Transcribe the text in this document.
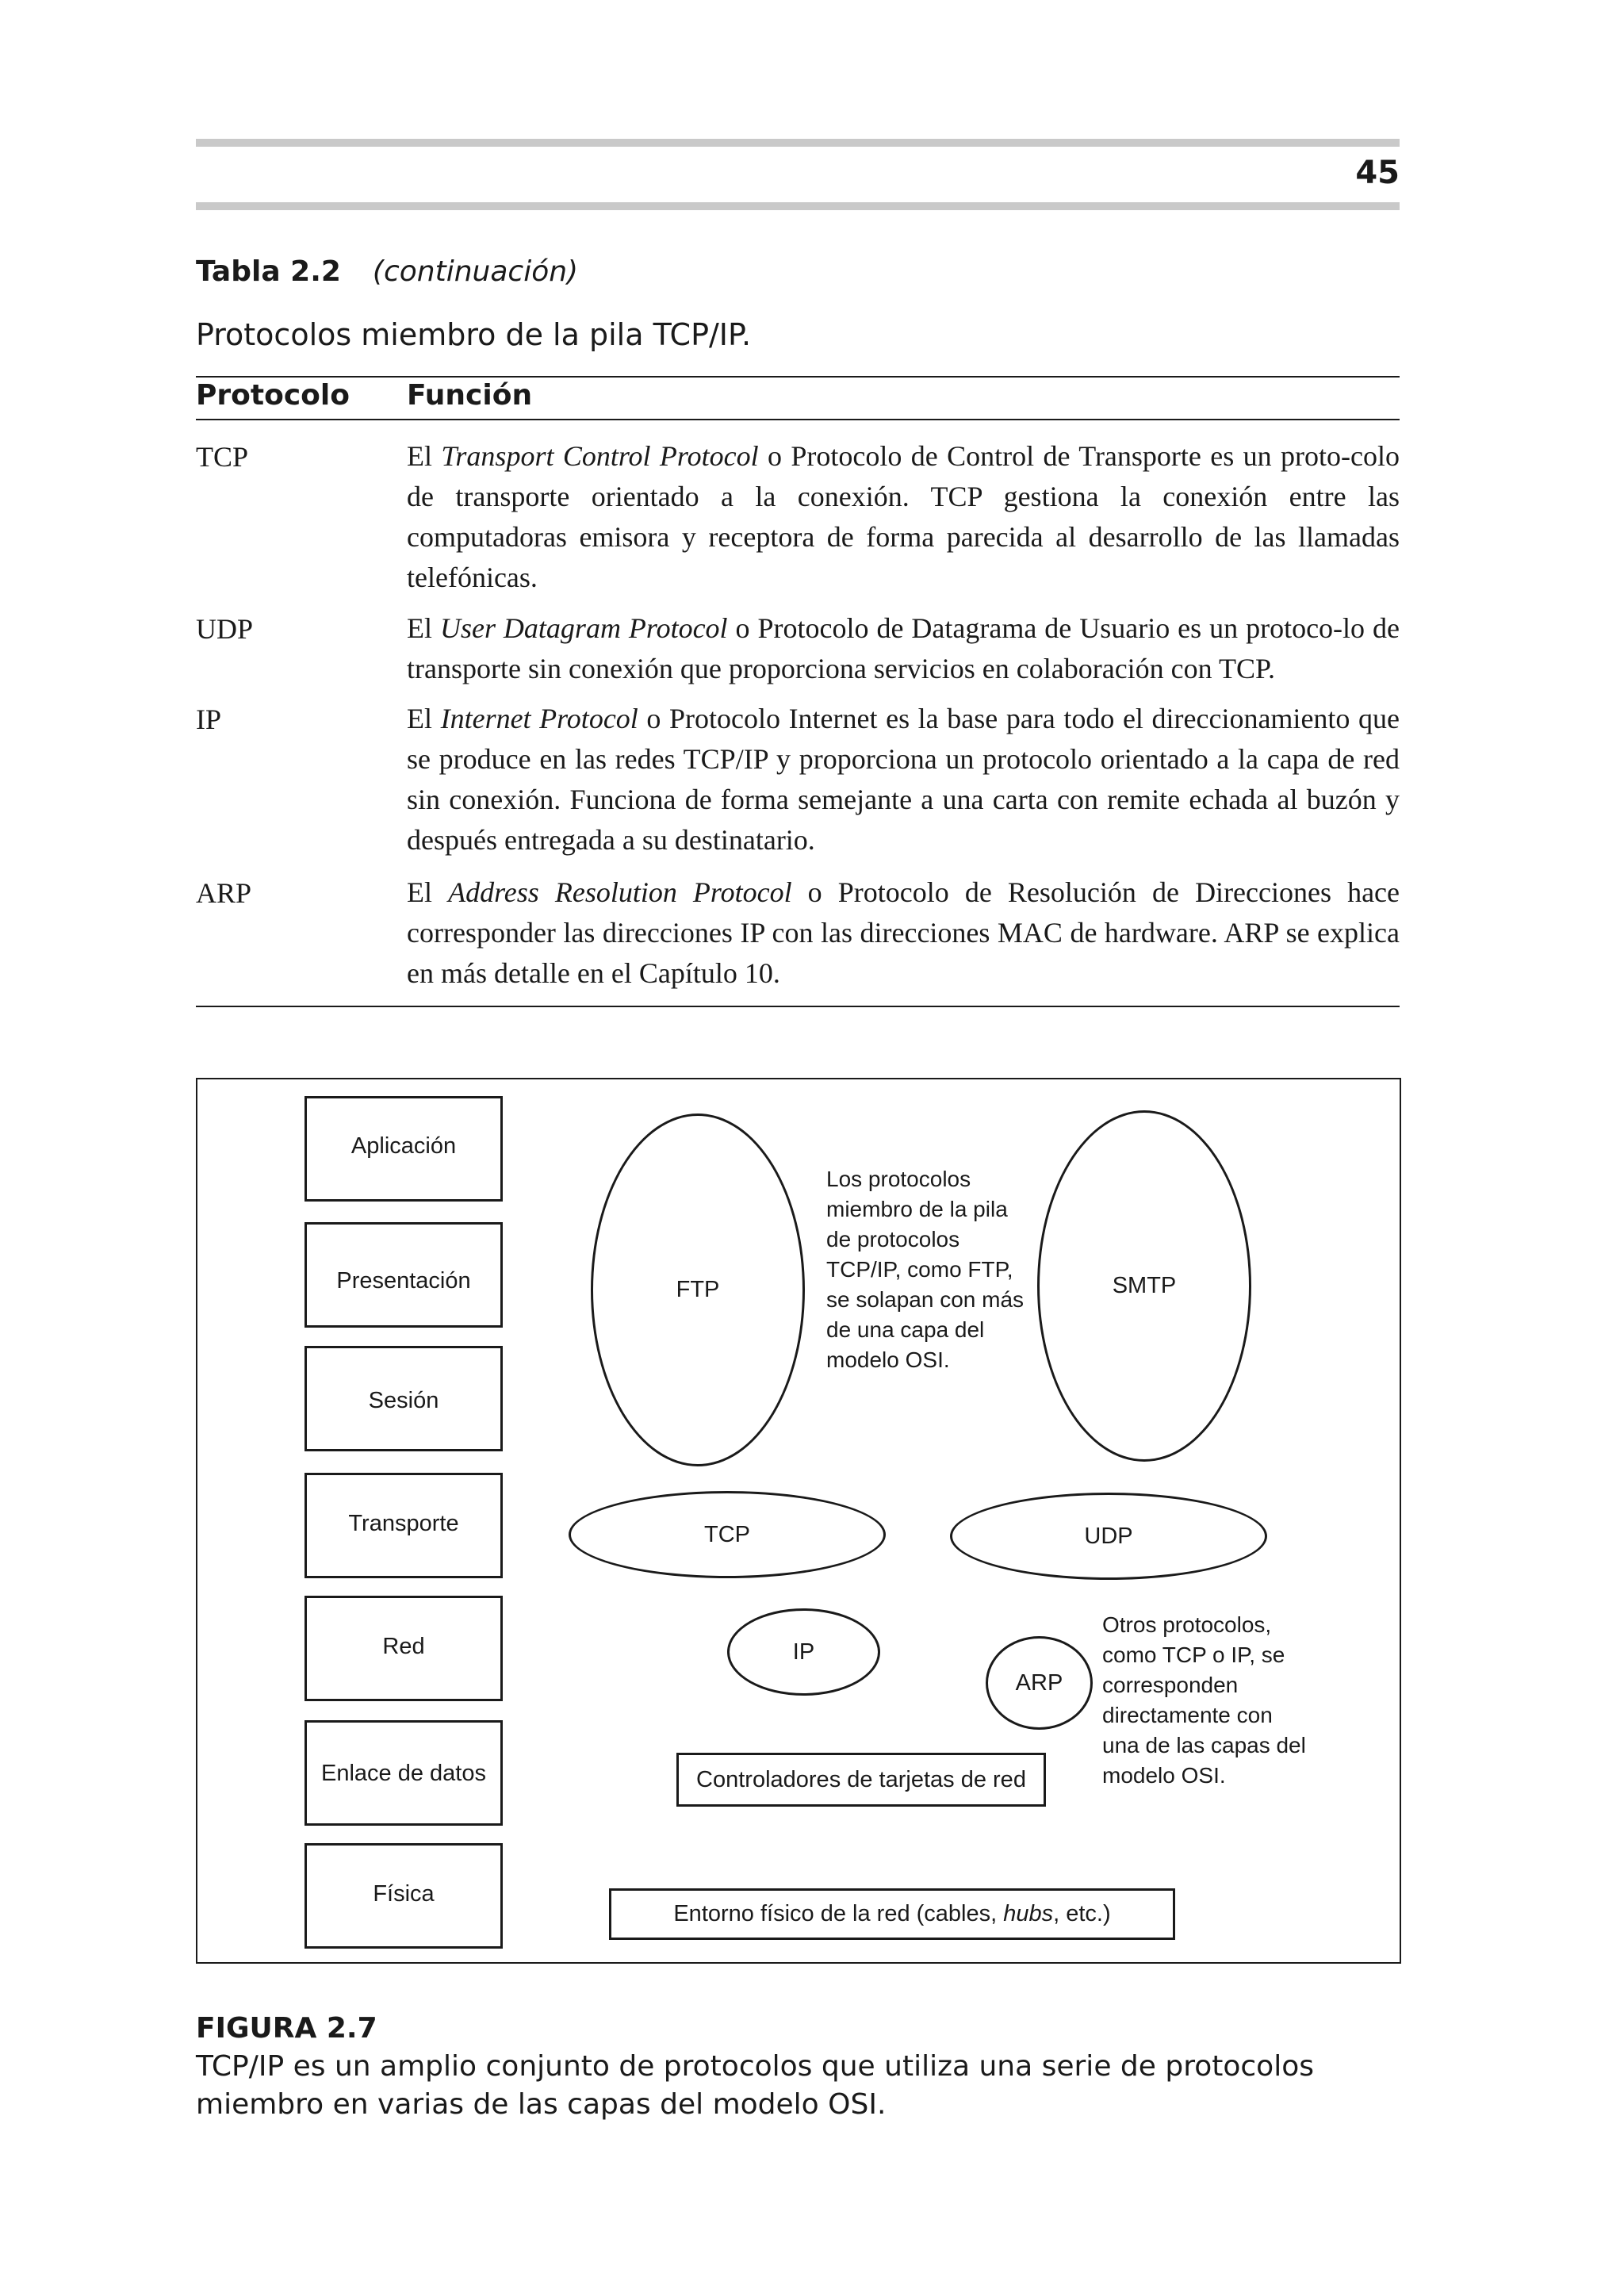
45
Tabla 2.2 (continuación)
Protocolos miembro de la pila TCP/IP.
Protocolo Función
TCP	El Transport Control Protocol o Protocolo de Control de Transporte es un proto-colo de transporte orientado a la conexión. TCP gestiona la conexión entre las computadoras emisora y receptora de forma parecida al desarrollo de las llamadas telefónicas.
UDP	El User Datagram Protocol o Protocolo de Datagrama de Usuario es un protoco-lo de transporte sin conexión que proporciona servicios en colaboración con TCP.
IP	El Internet Protocol o Protocolo Internet es la base para todo el direccionamiento que se produce en las redes TCP/IP y proporciona un protocolo orientado a la capa de red sin conexión. Funciona de forma semejante a una carta con remite echada al buzón y después entregada a su destinatario.
ARP	El Address Resolution Protocol o Protocolo de Resolución de Direcciones hace corresponder las direcciones IP con las direcciones MAC de hardware. ARP se explica en más detalle en el Capítulo 10.
Aplicación
Presentación
Sesión
Transporte
Red
Enlace de datos
Física
FTP	SMTP
TCP	UDP
IP
ARP
Los protocolos miembro de la pila de protocolos TCP/IP, como FTP, se solapan con más de una capa del modelo OSI.
Otros protocolos, como TCP o IP, se corresponden directamente con una de las capas del modelo OSI.
Controladores de tarjetas de red
Entorno físico de la red (cables, hubs, etc.)
FIGURA 2.7
TCP/IP es un amplio conjunto de protocolos que utiliza una serie de protocolos miembro en varias de las capas del modelo OSI.
